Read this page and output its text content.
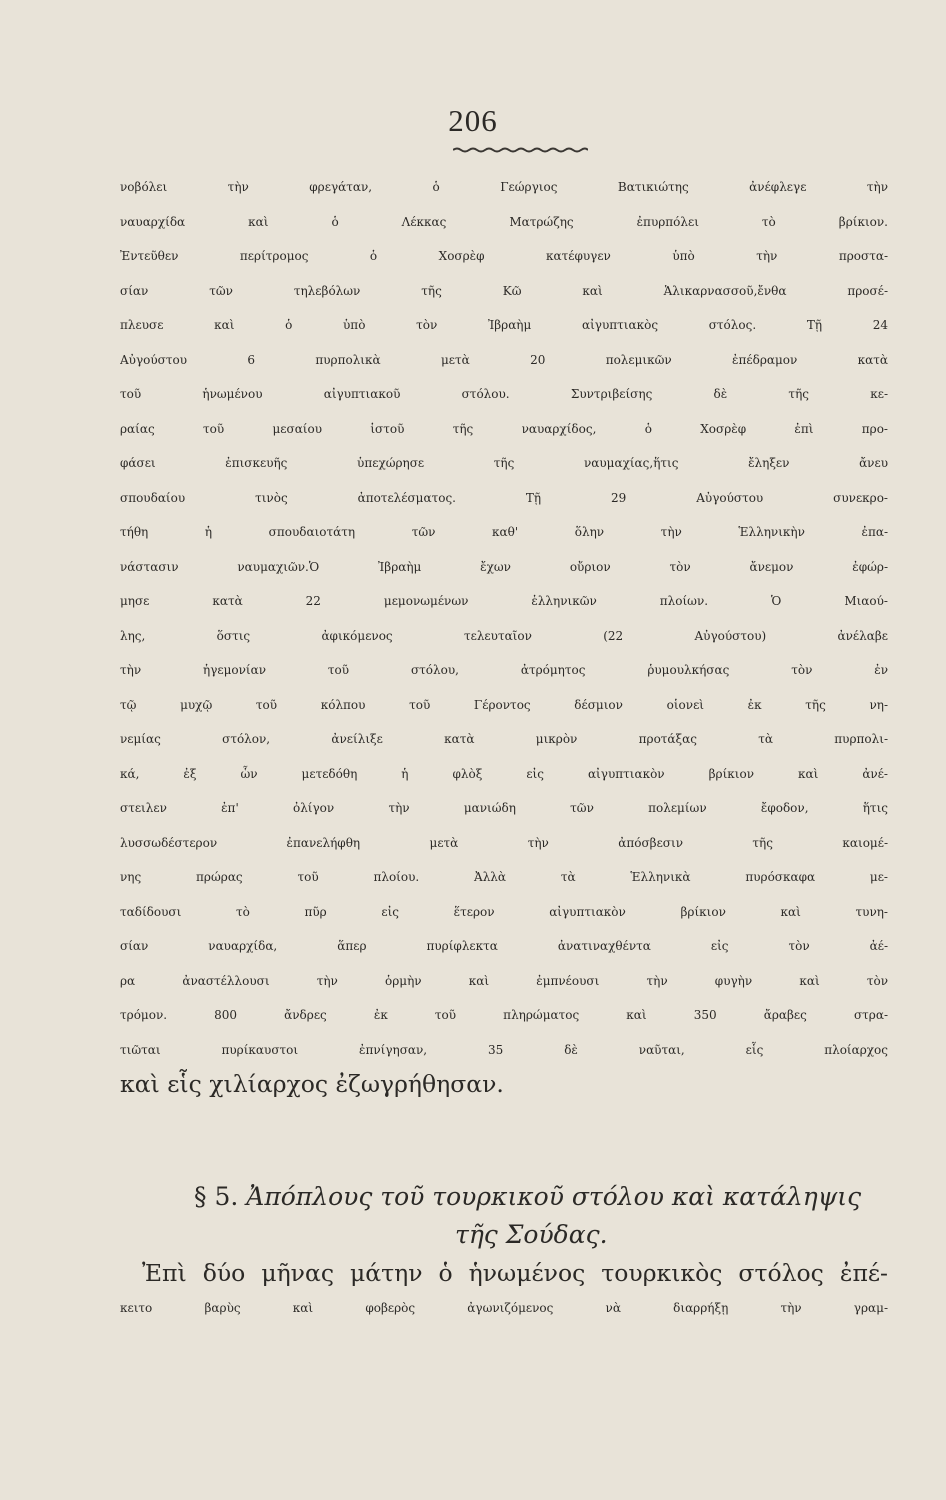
206
νοβόλει τὴν φρεγάταν, ὁ Γεώργιος Βατικιώτης ἀνέφλεγε τὴν
ναυαρχίδα καὶ ὁ Λέκκας Ματρώζης ἐπυρπόλει τὸ βρίκιον.
Ἐντεῦθεν περίτρομος ὁ Χοσρὲφ κατέφυγεν ὑπὸ τὴν προστα-
σίαν τῶν τηλεβόλων τῆς Κῶ καὶ Ἁλικαρνασσοῦ,ἔνθα προσέ-
πλευσε καὶ ὁ ὑπὸ τὸν Ἰβραὴμ αἰγυπτιακὸς στόλος. Τῇ 24
Αὐγούστου 6 πυρπολικὰ μετὰ 20 πολεμικῶν ἐπέδραμον κατὰ
τοῦ ἡνωμένου αἰγυπτιακοῦ στόλου. Συντριβείσης δὲ τῆς κε-
ραίας τοῦ μεσαίου ἱστοῦ τῆς ναυαρχίδος, ὁ Χοσρὲφ ἐπὶ προ-
φάσει ἐπισκευῆς ὑπεχώρησε τῆς ναυμαχίας,ἥτις ἔληξεν ἄνευ
σπουδαίου τινὸς ἀποτελέσματος. Τῇ 29 Αὐγούστου συνεκρο-
τήθη ἡ σπουδαιοτάτη τῶν καθ' ὅλην τὴν Ἑλληνικὴν ἐπα-
νάστασιν ναυμαχιῶν.Ὁ Ἰβραὴμ ἔχων οὔριον τὸν ἄνεμον ἐφώρ-
μησε κατὰ 22 μεμονωμένων ἑλληνικῶν πλοίων. Ὁ Μιαού-
λης, ὅστις ἀφικόμενος τελευταῖον (22 Αὐγούστου) ἀνέλαβε
τὴν ἡγεμονίαν τοῦ στόλου, ἀτρόμητος ῥυμουλκήσας τὸν ἐν
τῷ μυχῷ τοῦ κόλπου τοῦ Γέροντος δέσμιον οἱονεὶ ἐκ τῆς νη-
νεμίας στόλον, ἀνείλιξε κατὰ μικρὸν προτάξας τὰ πυρπολι-
κά, ἐξ ὧν μετεδόθη ἡ φλὸξ εἰς αἰγυπτιακὸν βρίκιον καὶ ἀνέ-
στειλεν ἐπ' ὀλίγον τὴν μανιώδη τῶν πολεμίων ἔφοδον, ἥτις
λυσσωδέστερον ἐπανελήφθη μετὰ τὴν ἀπόσβεσιν τῆς καιομέ-
νης πρώρας τοῦ πλοίου. Ἀλλὰ τὰ Ἑλληνικὰ πυρόσκαφα με-
ταδίδουσι τὸ πῦρ εἰς ἕτερον αἰγυπτιακὸν βρίκιον καὶ τυνη-
σίαν ναυαρχίδα, ἅπερ πυρίφλεκτα ἀνατιναχθέντα εἰς τὸν ἀέ-
ρα ἀναστέλλουσι τὴν ὁρμὴν καὶ ἐμπνέουσι τὴν φυγὴν καὶ τὸν
τρόμον. 800 ἄνδρες ἐκ τοῦ πληρώματος καὶ 350 ἄραβες στρα-
τιῶται πυρίκαυστοι ἐπνίγησαν, 35 δὲ ναῦται, εἷς πλοίαρχος
καὶ εἷς χιλίαρχος ἐζωγρήθησαν.
§ 5. Ἀπόπλους τοῦ τουρκικοῦ στόλου καὶ κατάληψις
τῆς Σούδας.
Ἐπὶ δύο μῆνας μάτην ὁ ἡνωμένος τουρκικὸς στόλος ἐπέ-
κειτο βαρὺς καὶ φοβερὸς ἀγωνιζόμενος νὰ διαρρήξῃ τὴν γραμ-
